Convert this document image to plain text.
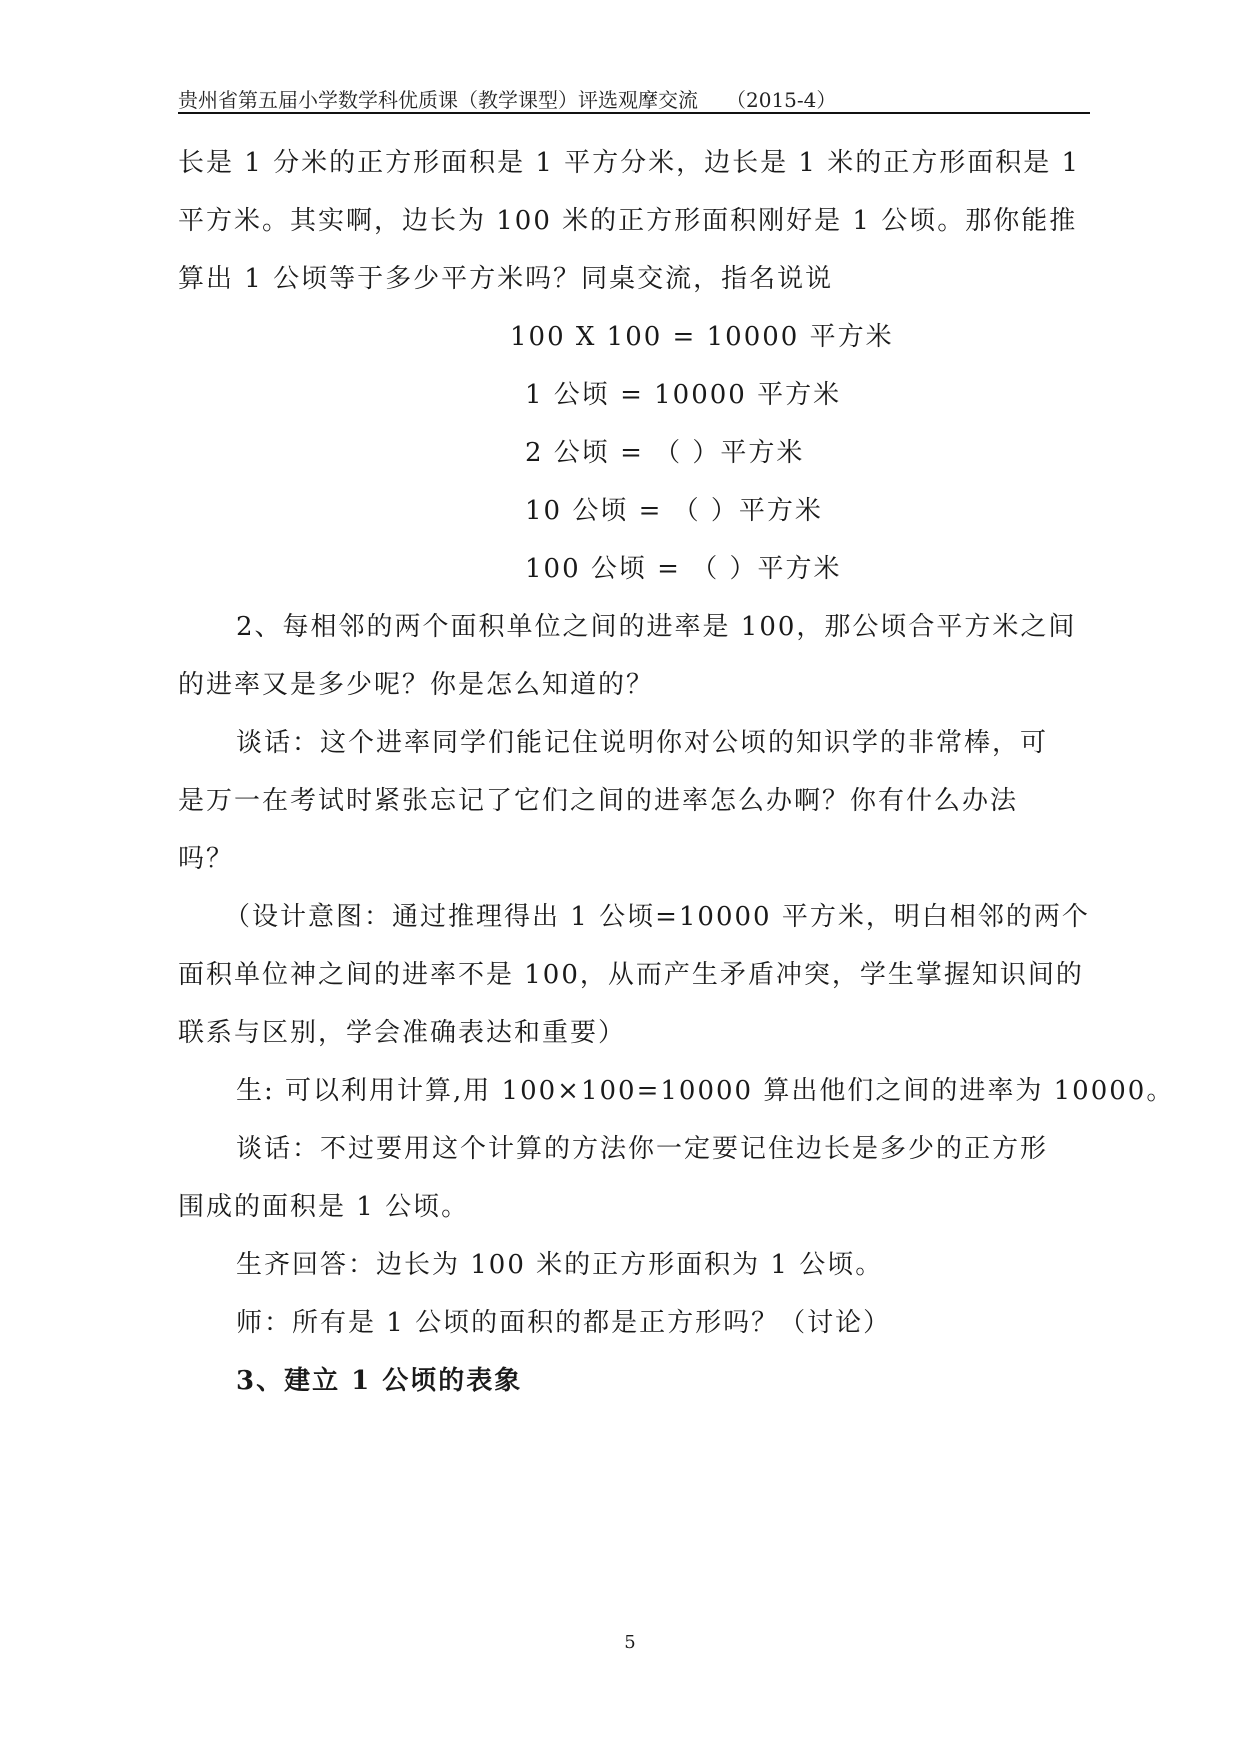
贵州省第五届小学数学科优质课（教学课型）评选观摩交流 （2015-4）
长是 1 分米的正方形面积是 1 平方分米，边长是 1 米的正方形面积是 1
平方米。其实啊，边长为 100 米的正方形面积刚好是 1 公顷。那你能推
算出 1 公顷等于多少平方米吗？同桌交流，指名说说
100 X 100 = 10000 平方米
1 公顷 = 10000 平方米
2 公顷 = （ ）平方米
10 公顷 = （ ）平方米
100 公顷 = （ ）平方米
2、每相邻的两个面积单位之间的进率是 100，那公顷合平方米之间
的进率又是多少呢？你是怎么知道的？
谈话：这个进率同学们能记住说明你对公顷的知识学的非常棒，可
是万一在考试时紧张忘记了它们之间的进率怎么办啊？你有什么办法
吗？
（设计意图：通过推理得出 1 公顷=10000 平方米，明白相邻的两个
面积单位神之间的进率不是 100，从而产生矛盾冲突，学生掌握知识间的
联系与区别，学会准确表达和重要）
生: 可以利用计算,用 100×100=10000 算出他们之间的进率为 10000。
谈话：不过要用这个计算的方法你一定要记住边长是多少的正方形
围成的面积是 1 公顷。
生齐回答：边长为 100 米的正方形面积为 1 公顷。
师：所有是 1 公顷的面积的都是正方形吗？（讨论）
3、建立 1 公顷的表象
5
